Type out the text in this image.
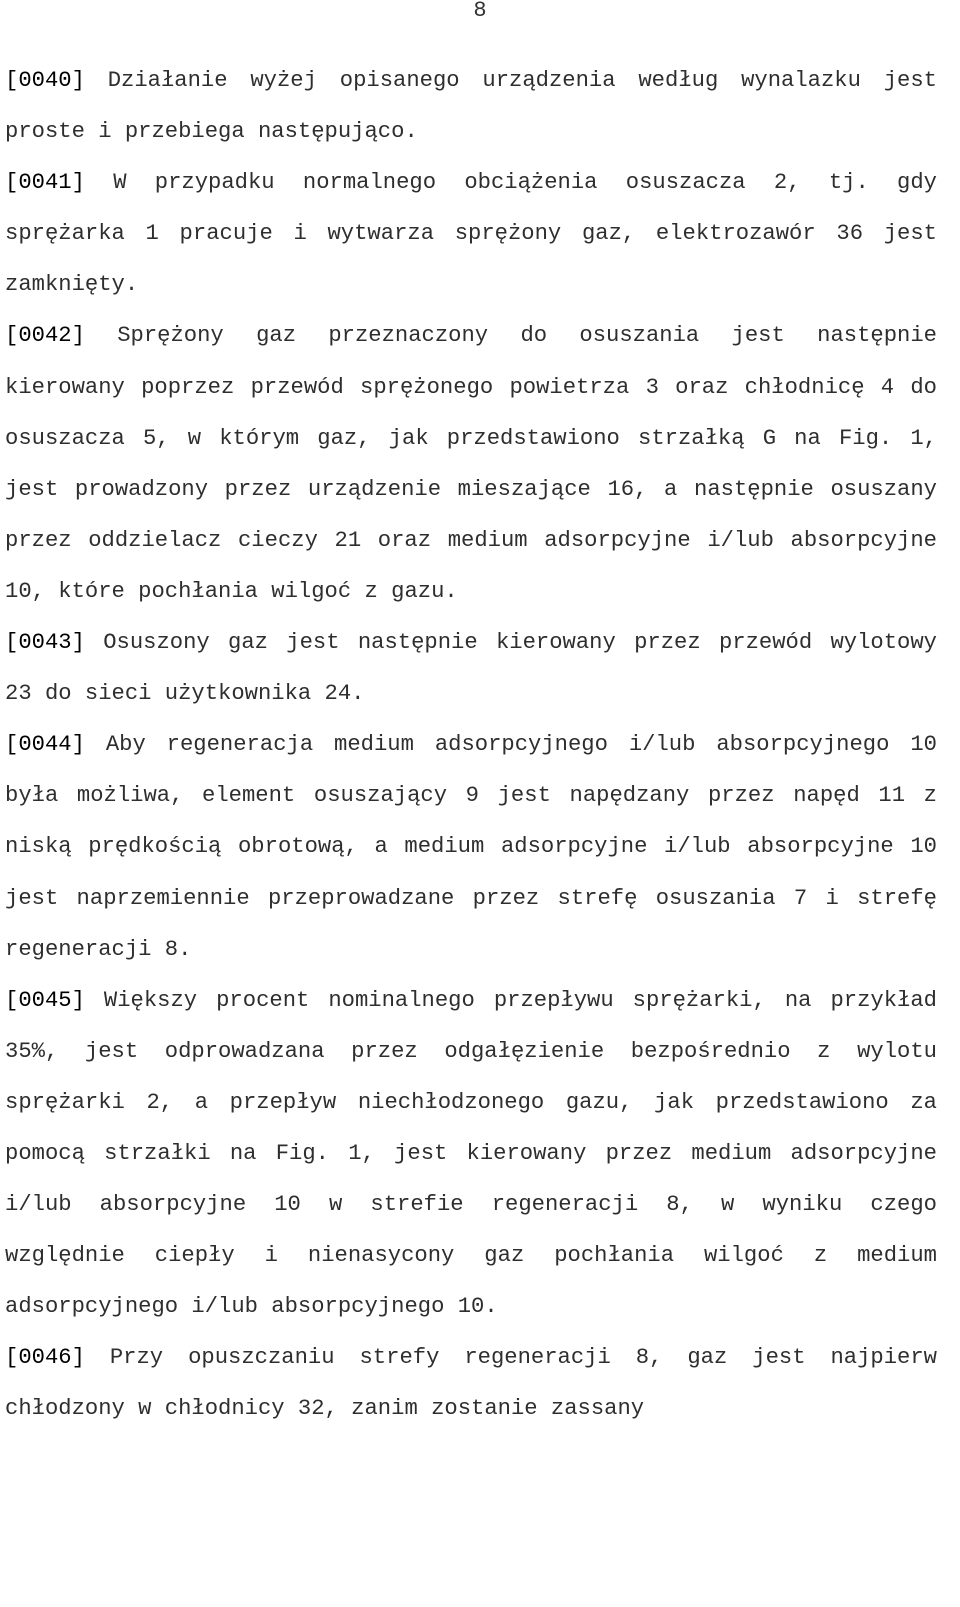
8

[0040] Działanie wyżej opisanego urządzenia według wynalazku jest proste i przebiega następująco.

[0041] W przypadku normalnego obciążenia osuszacza 2, tj. gdy sprężarka 1 pracuje i wytwarza sprężony gaz, elektrozawór 36 jest zamknięty.

[0042] Sprężony gaz przeznaczony do osuszania jest następnie kierowany poprzez przewód sprężonego powietrza 3 oraz chłodnicę 4 do osuszacza 5, w którym gaz, jak przedstawiono strzałką G na Fig. 1, jest prowadzony przez urządzenie mieszające 16, a następnie osuszany przez oddzielacz cieczy 21 oraz medium adsorpcyjne i/lub absorpcyjne 10, które pochłania wilgoć z gazu.

[0043] Osuszony gaz jest następnie kierowany przez przewód wylotowy 23 do sieci użytkownika 24.

[0044] Aby regeneracja medium adsorpcyjnego i/lub absorpcyjnego 10 była możliwa, element osuszający 9 jest napędzany przez napęd 11 z niską prędkością obrotową, a medium adsorpcyjne i/lub absorpcyjne 10 jest naprzemiennie przeprowadzane przez strefę osuszania 7 i strefę regeneracji 8.

[0045] Większy procent nominalnego przepływu sprężarki, na przykład 35%, jest odprowadzana przez odgałęzienie bezpośrednio z wylotu sprężarki 2, a przepływ niechłodzonego gazu, jak przedstawiono za pomocą strzałki na Fig. 1, jest kierowany przez medium adsorpcyjne i/lub absorpcyjne 10 w strefie regeneracji 8, w wyniku czego względnie ciepły i nienasycony gaz pochłania wilgoć z medium adsorpcyjnego i/lub absorpcyjnego 10.

[0046] Przy opuszczaniu strefy regeneracji 8, gaz jest najpierw chłodzony w chłodnicy 32, zanim zostanie zassany
